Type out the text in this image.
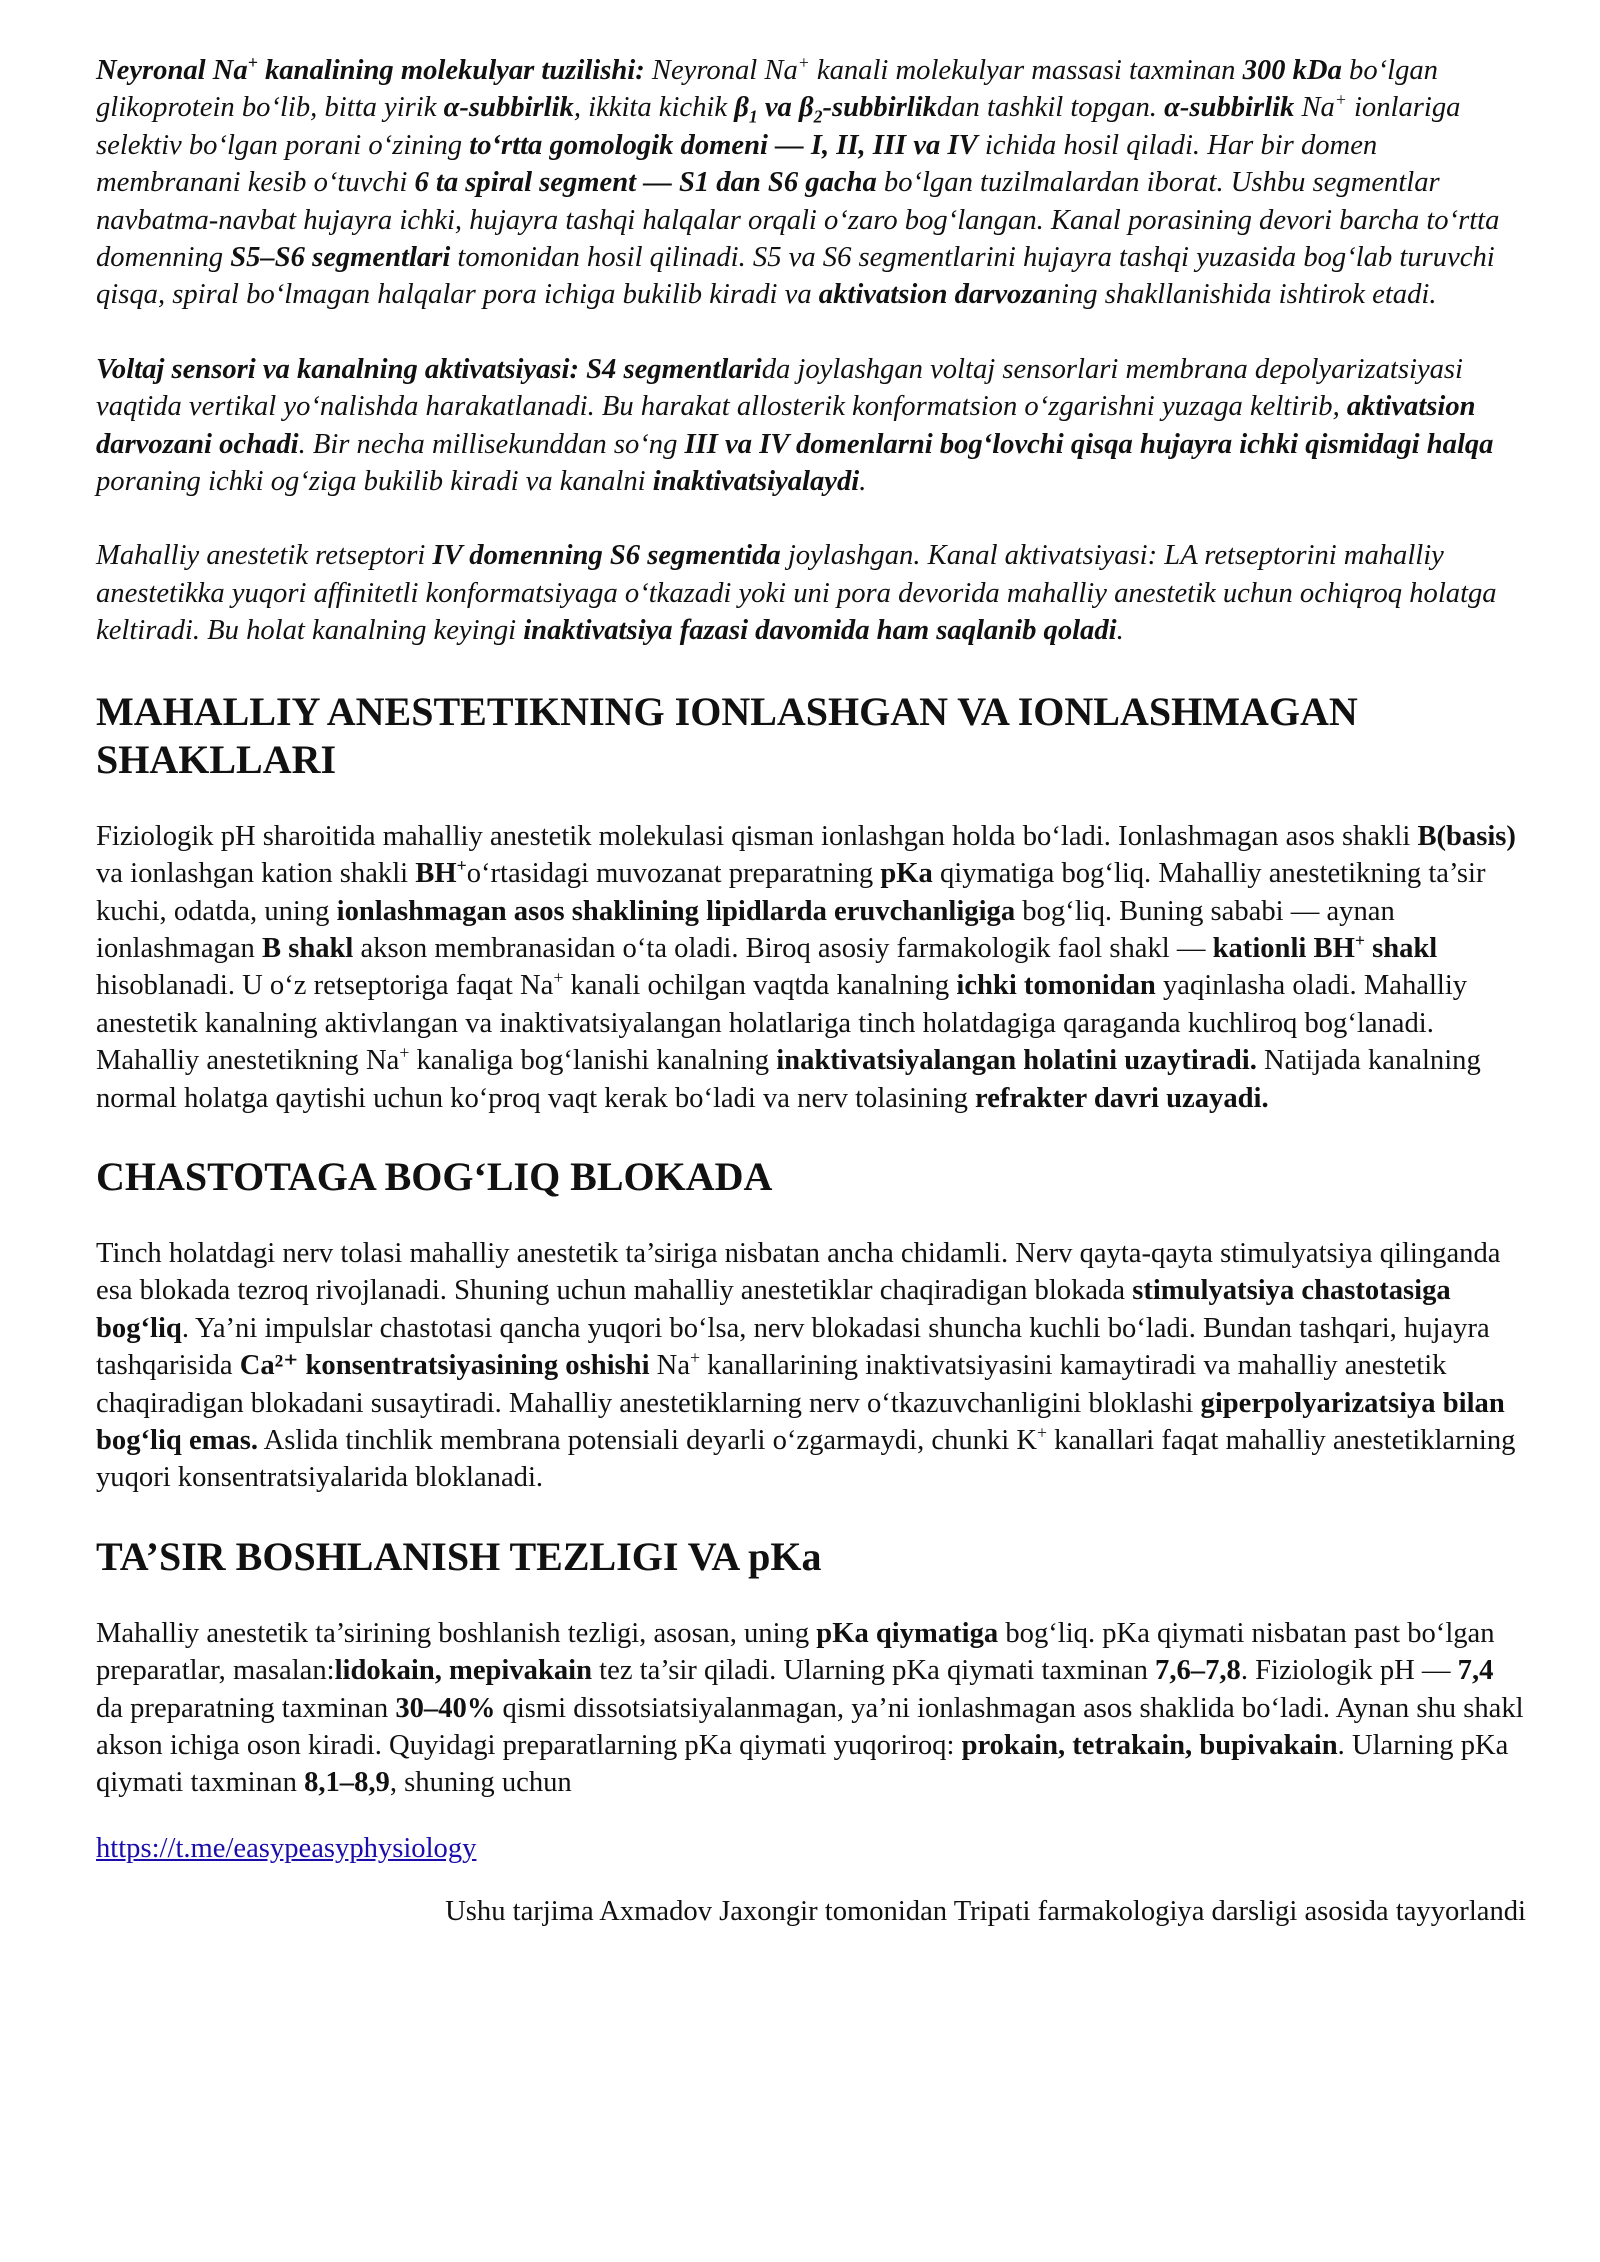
Neyronal Na+ kanalining molekulyar tuzilishi: Neyronal Na+ kanali molekulyar massasi taxminan 300 kDa bo‘lgan glikoprotein bo‘lib, bitta yirik α-subbirlik, ikkita kichik $\beta_1$ va $\beta_2$-subbirlikdan tashkil topgan. α-subbirlik Na+ ionlariga selektiv bo‘lgan porani o‘zining to‘rtta gomologik domeni — I, II, III va IV ichida hosil qiladi. Har bir domen membranani kesib o‘tuvchi 6 ta spiral segment — S1 dan S6 gacha bo‘lgan tuzilmalardan iborat. Ushbu segmentlar navbatma-navbat hujayra ichki, hujayra tashqi halqalar orqali o‘zaro bog‘langan. Kanal porasining devori barcha to‘rtta domenning S5–S6 segmentlari tomonidan hosil qilinadi. S5 va S6 segmentlarini hujayra tashqi yuzasida bog‘lab turuvchi qisqa, spiral bo‘lmagan halqalar pora ichiga bukilib kiradi va aktivatsion darvozaning shakllanishida ishtirok etadi.

Voltaj sensori va kanalning aktivatsiyasi: S4 segmentlarida joylashgan voltaj sensorlari membrana depolyarizatsiyasi vaqtida vertikal yo‘nalishda harakatlanadi. Bu harakat allosterik konformatsion o‘zgarishni yuzaga keltirib, aktivatsion darvozani ochadi. Bir necha millisekunddan so‘ng III va IV domenlarni bog‘lovchi qisqa hujayra ichki qismidagi halqa poraning ichki og‘ziga bukilib kiradi va kanalni inaktivatsiyalaydi.

Mahalliy anestetik retseptori IV domenning S6 segmentida joylashgan. Kanal aktivatsiyasi: LA retseptorini mahalliy anestetikka yuqori affinitetli konformatsiyaga o‘tkazadi yoki uni pora devorida mahalliy anestetik uchun ochiqroq holatga keltiradi. Bu holat kanalning keyingi inaktivatsiya fazasi davomida ham saqlanib qoladi.

MAHALLIY ANESTETIKNING IONLASHGAN VA IONLASHMAGAN SHAKLLARI

Fiziologik pH sharoitida mahalliy anestetik molekulasi qisman ionlashgan holda bo‘ladi. Ionlashmagan asos shakli B(basis) va ionlashgan kation shakli BH+o‘rtasidagi muvozanat preparatning pKa qiymatiga bog‘liq. Mahalliy anestetikning ta’sir kuchi, odatda, uning ionlashmagan asos shaklining lipidlarda eruvchanligiga bog‘liq. Buning sababi — aynan ionlashmagan B shakl akson membranasidan o‘ta oladi. Biroq asosiy farmakologik faol shakl — kationli BH+ shakl hisoblanadi. U o‘z retseptoriga faqat Na+ kanali ochilgan vaqtda kanalning ichki tomonidan yaqinlasha oladi. Mahalliy anestetik kanalning aktivlangan va inaktivatsiyalangan holatlariga tinch holatdagiga qaraganda kuchliroq bog‘lanadi. Mahalliy anestetikning Na+ kanaliga bog‘lanishi kanalning inaktivatsiyalangan holatini uzaytiradi. Natijada kanalning normal holatga qaytishi uchun ko‘proq vaqt kerak bo‘ladi va nerv tolasining refrakter davri uzayadi.

CHASTOTAGA BOG‘LIQ BLOKADA

Tinch holatdagi nerv tolasi mahalliy anestetik ta’siriga nisbatan ancha chidamli. Nerv qayta-qayta stimulyatsiya qilinganda esa blokada tezroq rivojlanadi. Shuning uchun mahalliy anestetiklar chaqiradigan blokada stimulyatsiya chastotasiga bog‘liq. Ya’ni impulslar chastotasi qancha yuqori bo‘lsa, nerv blokadasi shuncha kuchli bo‘ladi. Bundan tashqari, hujayra tashqarisida Ca²⁺ konsentratsiyasining oshishi Na+ kanallarining inaktivatsiyasini kamaytiradi va mahalliy anestetik chaqiradigan blokadani susaytiradi. Mahalliy anestetiklarning nerv o‘tkazuvchanligini bloklashi giperpolyarizatsiya bilan bog‘liq emas. Aslida tinchlik membrana potensiali deyarli o‘zgarmaydi, chunki K+ kanallari faqat mahalliy anestetiklarning yuqori konsentratsiyalarida bloklanadi.

TA’SIR BOSHLANISH TEZLIGI VA pKa

Mahalliy anestetik ta’sirining boshlanish tezligi, asosan, uning pKa qiymatiga bog‘liq. pKa qiymati nisbatan past bo‘lgan preparatlar, masalan:lidokain, mepivakain tez ta’sir qiladi. Ularning pKa qiymati taxminan 7,6–7,8. Fiziologik pH — 7,4 da preparatning taxminan 30–40% qismi dissotsiatsiyalanmagan, ya’ni ionlashmagan asos shaklida bo‘ladi. Aynan shu shakl akson ichiga oson kiradi. Quyidagi preparatlarning pKa qiymati yuqoriroq: prokain, tetrakain, bupivakain. Ularning pKa qiymati taxminan 8,1–8,9, shuning uchun

https://t.me/easypeasyphysiology

Ushu tarjima Axmadov Jaxongir tomonidan Tripati farmakologiya darsligi asosida tayyorlandi
